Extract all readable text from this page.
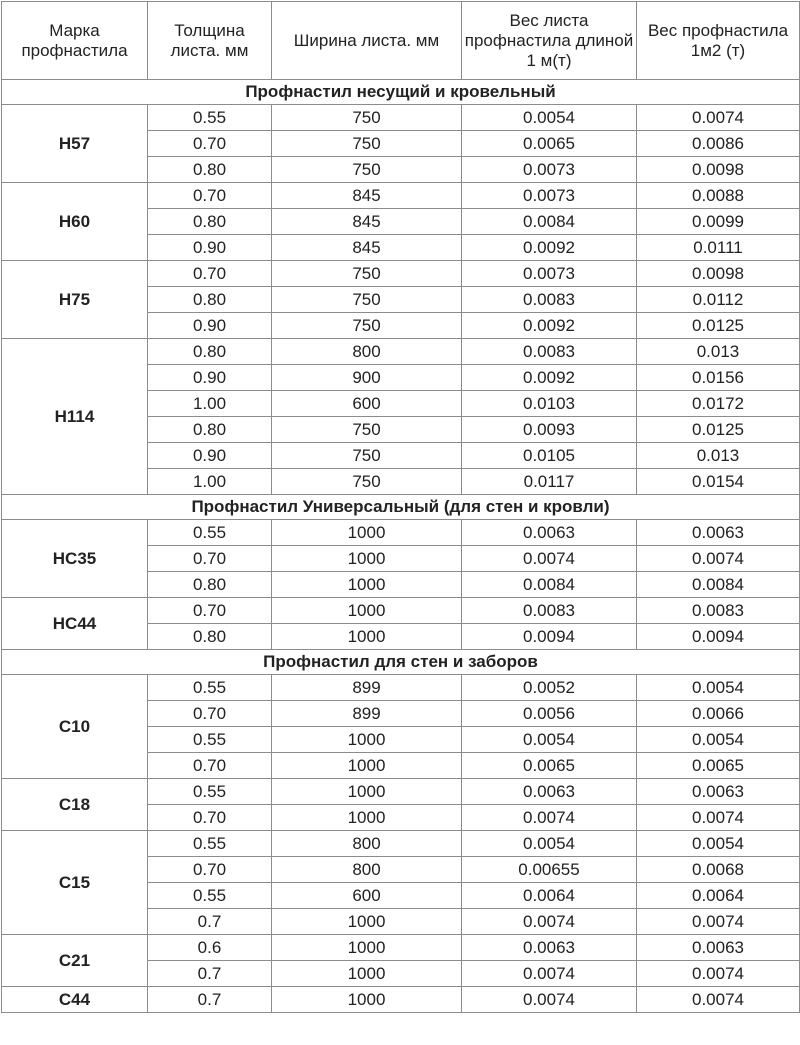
Марка профнастила	Толщина листа. мм	Ширина листа. мм	Вес листа профнастила длиной 1 м(т)	Вес профнастила 1м2 (т)
Профнастил несущий и кровельный				
Н57	0.55	750	0.0054	0.0074
	0.70	750	0.0065	0.0086
	0.80	750	0.0073	0.0098
Н60	0.70	845	0.0073	0.0088
	0.80	845	0.0084	0.0099
	0.90	845	0.0092	0.0111
Н75	0.70	750	0.0073	0.0098
	0.80	750	0.0083	0.0112
	0.90	750	0.0092	0.0125
Н114	0.80	800	0.0083	0.013
	0.90	900	0.0092	0.0156
	1.00	600	0.0103	0.0172
	0.80	750	0.0093	0.0125
	0.90	750	0.0105	0.013
	1.00	750	0.0117	0.0154
Профнастил Универсальный (для стен и кровли)				
НС35	0.55	1000	0.0063	0.0063
	0.70	1000	0.0074	0.0074
	0.80	1000	0.0084	0.0084
НС44	0.70	1000	0.0083	0.0083
	0.80	1000	0.0094	0.0094
Профнастил для стен и заборов				
С10	0.55	899	0.0052	0.0054
	0.70	899	0.0056	0.0066
	0.55	1000	0.0054	0.0054
	0.70	1000	0.0065	0.0065
С18	0.55	1000	0.0063	0.0063
	0.70	1000	0.0074	0.0074
С15	0.55	800	0.0054	0.0054
	0.70	800	0.00655	0.0068
	0.55	600	0.0064	0.0064
	0.7	1000	0.0074	0.0074
С21	0.6	1000	0.0063	0.0063
	0.7	1000	0.0074	0.0074
С44	0.7	1000	0.0074	0.0074
